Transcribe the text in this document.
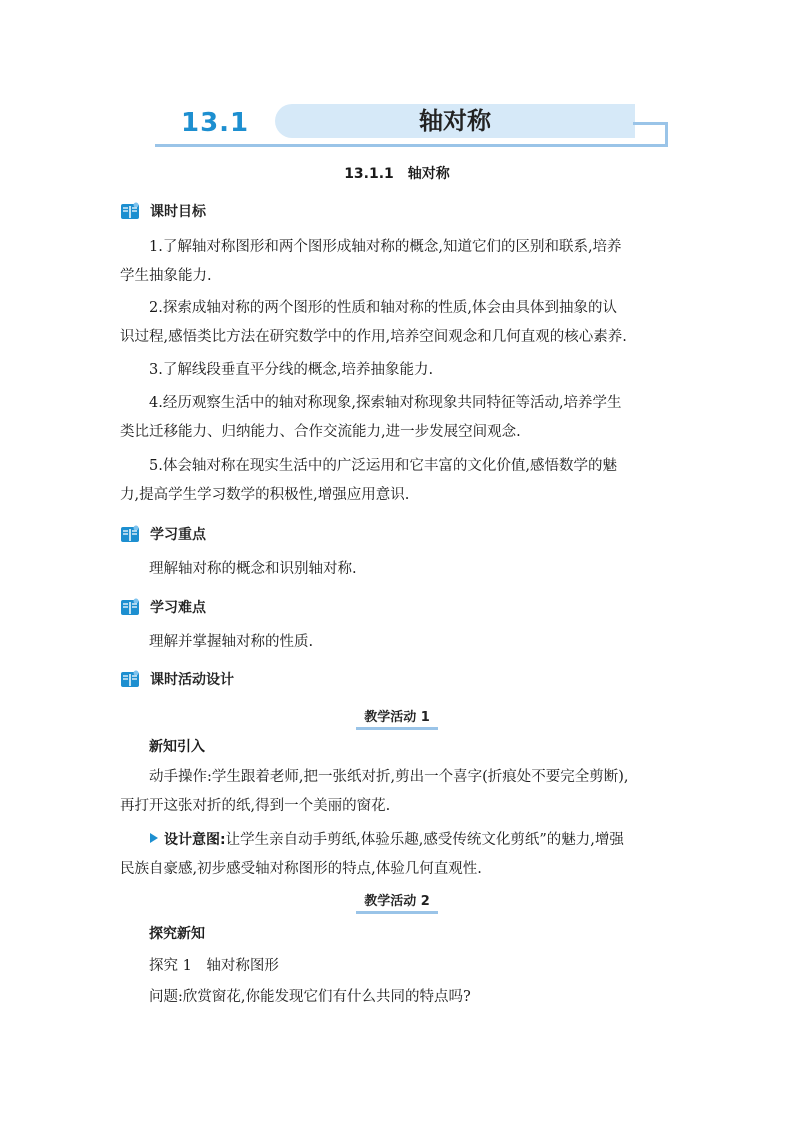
13.1	轴对称
13.1.1　轴对称
课时目标
1.了解轴对称图形和两个图形成轴对称的概念,知道它们的区别和联系,培养
学生抽象能力.
2.探索成轴对称的两个图形的性质和轴对称的性质,体会由具体到抽象的认
识过程,感悟类比方法在研究数学中的作用,培养空间观念和几何直观的核心素养.
3.了解线段垂直平分线的概念,培养抽象能力.
4.经历观察生活中的轴对称现象,探索轴对称现象共同特征等活动,培养学生
类比迁移能力、归纳能力、合作交流能力,进一步发展空间观念.
5.体会轴对称在现实生活中的广泛运用和它丰富的文化价值,感悟数学的魅
力,提高学生学习数学的积极性,增强应用意识.
学习重点
理解轴对称的概念和识别轴对称.
学习难点
理解并掌握轴对称的性质.
课时活动设计
教学活动 1
新知引入
动手操作:学生跟着老师,把一张纸对折,剪出一个喜字(折痕处不要完全剪断),
再打开这张对折的纸,得到一个美丽的窗花.
设计意图:让学生亲自动手剪纸,体验乐趣,感受传统文化剪纸”的魅力,增强
民族自豪感,初步感受轴对称图形的特点,体验几何直观性.
教学活动 2
探究新知
探究 1　轴对称图形
问题:欣赏窗花,你能发现它们有什么共同的特点吗?
